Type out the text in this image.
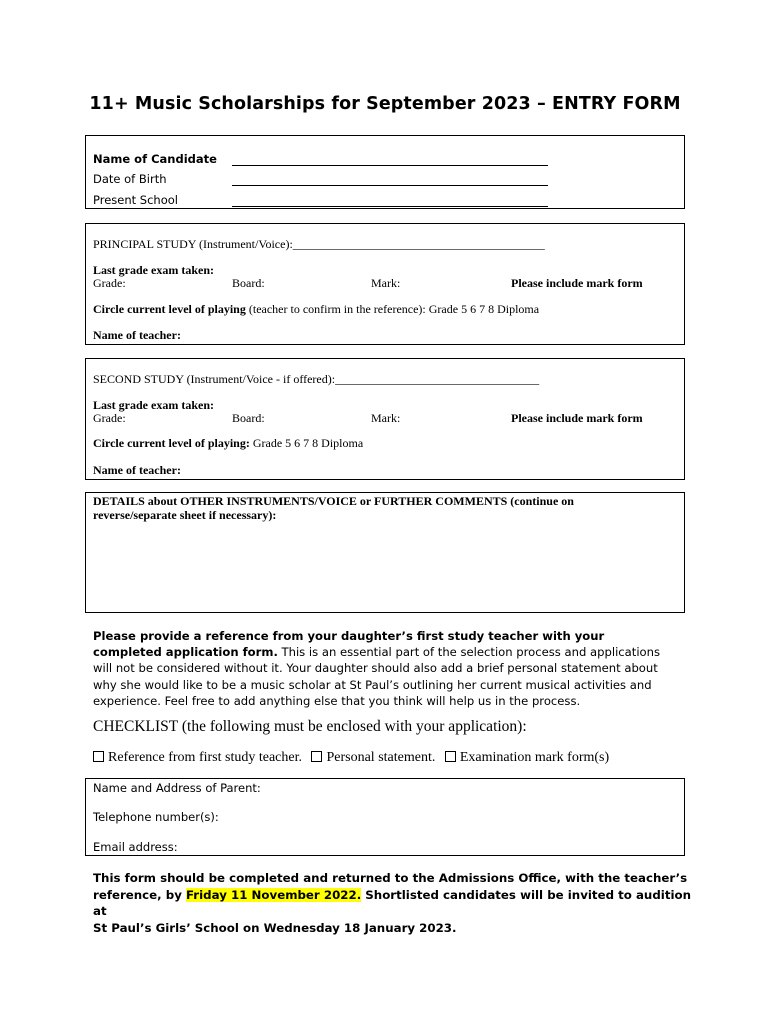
11+ Music Scholarships for September 2023 – ENTRY FORM
Name of Candidate
Date of Birth
Present School
PRINCIPAL STUDY (Instrument/Voice):__________________________________________
Last grade exam taken:
Grade:	Board:	Mark:	Please include mark form
Circle current level of playing (teacher to confirm in the reference): Grade 5 6 7 8 Diploma
Name of teacher:
SECOND STUDY (Instrument/Voice - if offered):__________________________________
Last grade exam taken:
Grade:	Board:	Mark:	Please include mark form
Circle current level of playing: Grade 5 6 7 8 Diploma
Name of teacher:
DETAILS about OTHER INSTRUMENTS/VOICE or FURTHER COMMENTS (continue on
reverse/separate sheet if necessary):
Please provide a reference from your daughter’s first study teacher with your
completed application form. This is an essential part of the selection process and applications
will not be considered without it. Your daughter should also add a brief personal statement about
why she would like to be a music scholar at St Paul’s outlining her current musical activities and
experience. Feel free to add anything else that you think will help us in the process.
CHECKLIST (the following must be enclosed with your application):
Reference from first study teacher. Personal statement. Examination mark form(s)
Name and Address of Parent:
Telephone number(s):
Email address:
This form should be completed and returned to the Admissions Office, with the teacher’s
reference, by Friday 11 November 2022. Shortlisted candidates will be invited to audition at
St Paul’s Girls’ School on Wednesday 18 January 2023.
